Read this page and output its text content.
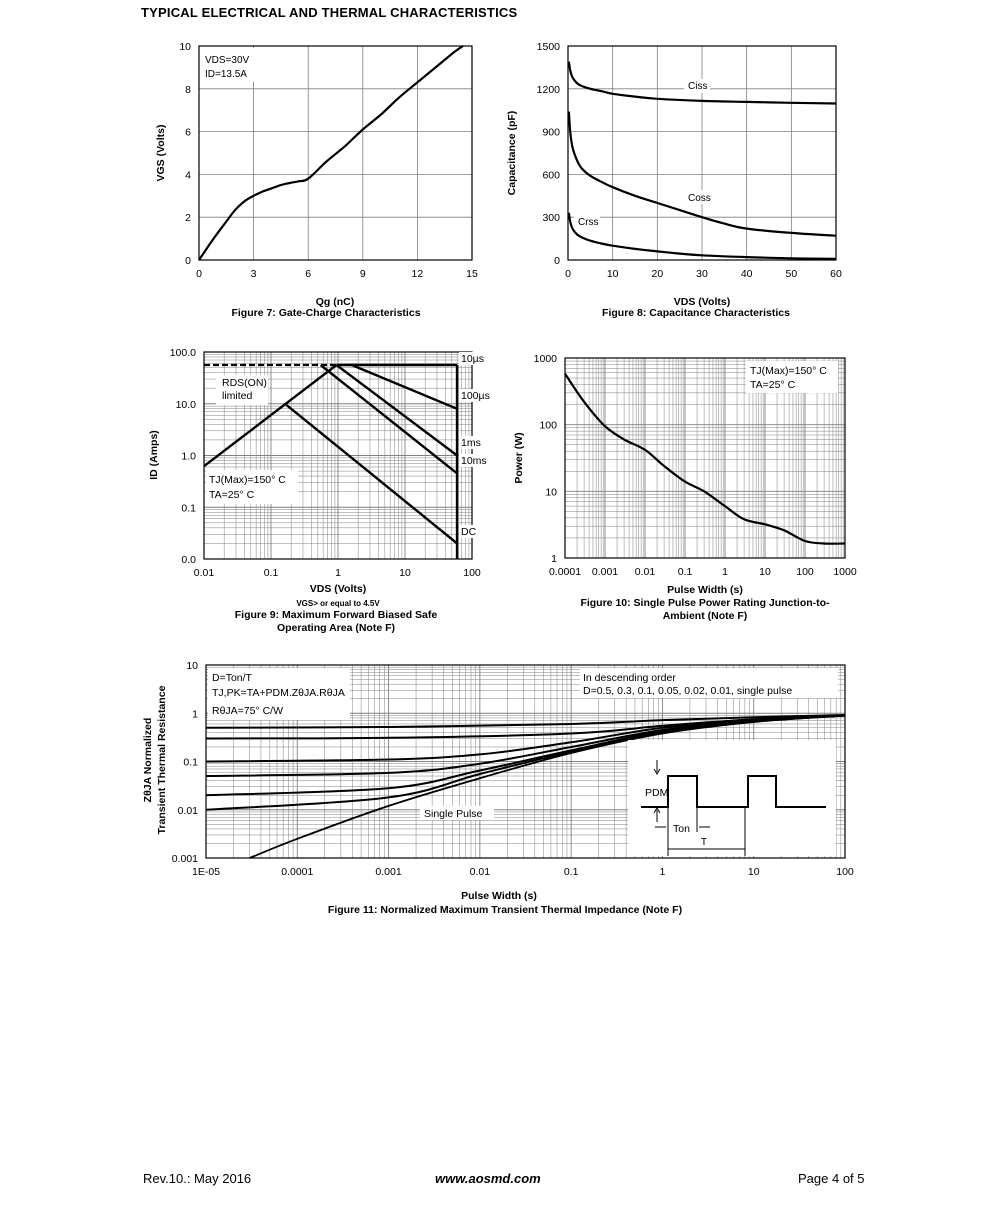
TYPICAL ELECTRICAL AND THERMAL CHARACTERISTICS
0	3	6	9	12	15
0
2
4
6
8
10
VDS=30V
ID=13.5A
Qg (nC)
VGS (Volts)
0	10	20	30	40	50	60
0
300
600
900
1200
1500
Ciss
Coss
Crss
VDS (Volts)
Capacitance (pF)
0.01	0.1	1	10	100
0.0
0.1
1.0
10.0
100.0	10µs
100µs
1ms
10ms
DC
RDS(ON)
limited
TJ(Max)=150° C
TA=25° C
VDS (Volts)
VGS> or equal to 4.5V
ID (Amps)
0.0001 0.001 0.01 0.1	1	10 100 1000
1
10
100
1000
TJ(Max)=150° C
TA=25° C
Pulse Width (s)
Power (W)
1E-05	0.0001	0.001	0.01	0.1	1	10	100
0.001
0.01
0.1
1
10
D=Ton/T
TJ,PK=TA+PDM.ZθJA.RθJA
RθJA=75° C/W
In descending order
D=0.5, 0.3, 0.1, 0.05, 0.02, 0.01, single pulse
Single Pulse
PDM
Ton
T
Pulse Width (s)
ZθJA Normalized Transient Thermal Resistance
Figure 7: Gate-Charge Characteristics	Figure 8: Capacitance Characteristics
Figure 9: Maximum Forward Biased Safe
Operating Area (Note F)
Figure 10: Single Pulse Power Rating Junction-to-
Ambient (Note F)
Figure 11: Normalized Maximum Transient Thermal Impedance (Note F)
Rev.10.: May 2016	www.aosmd.com	Page 4 of 5
